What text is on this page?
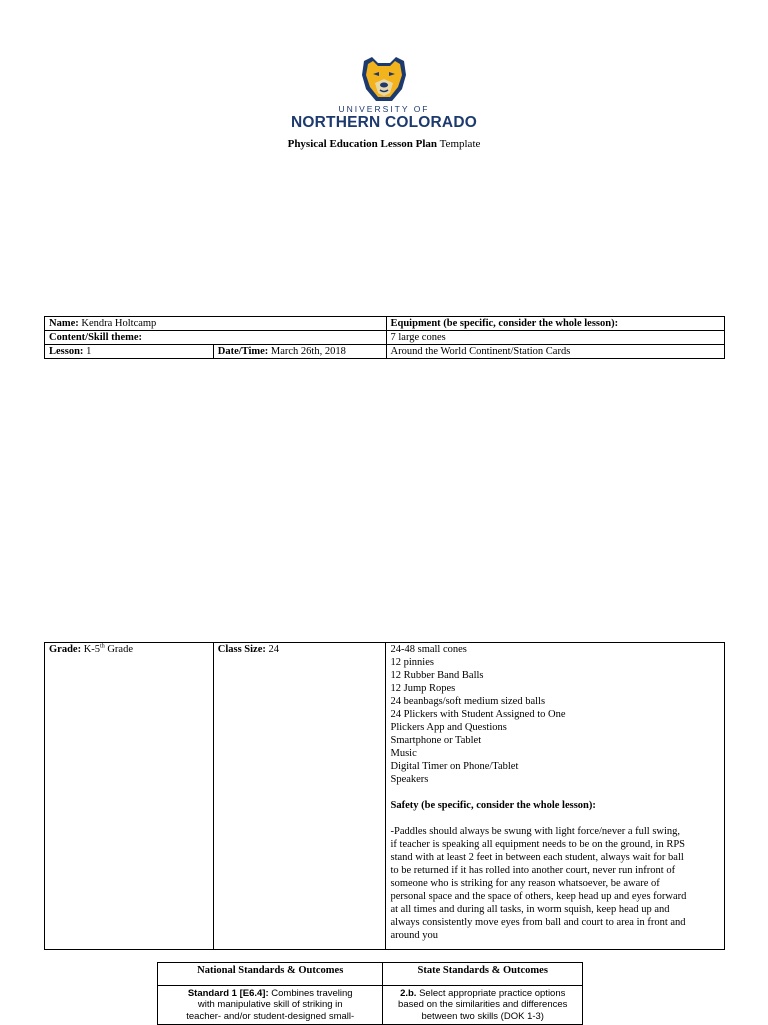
UNIVERSITY OF
NORTHERN COLORADO
Physical Education Lesson Plan Template
Name: Kendra Holtcamp		Equipment (be specific, consider the whole lesson):
Content/Skill theme:		7 large cones
Lesson: 1	Date/Time: March 26th, 2018	Around the World Continent/Station Cards
Grade: K-5th Grade	Class Size: 24	24-48 small cones
12 pinnies
12 Rubber Band Balls
12 Jump Ropes
24 beanbags/soft medium sized balls
24 Plickers with Student Assigned to One
Plickers App and Questions
Smartphone or Tablet
Music
Digital Timer on Phone/Tablet
Speakers
Safety (be specific, consider the whole lesson):
-Paddles should always be swung with light force/never a full swing,
if teacher is speaking all equipment needs to be on the ground, in RPS
stand with at least 2 feet in between each student, always wait for ball
to be returned if it has rolled into another court, never run infront of
someone who is striking for any reason whatsoever, be aware of
personal space and the space of others, keep head up and eyes forward
at all times and during all tasks, in worm squish, keep head up and
always consistently move eyes from ball and court to area in front and
around you
National Standards & Outcomes	State Standards & Outcomes

Standard 1 [E6.4]: Combines traveling
with manipulative skill of striking in
teacher- and/or student-designed small-	2.b. Select appropriate practice options
based on the similarities and differences
between two skills (DOK 1-3)
